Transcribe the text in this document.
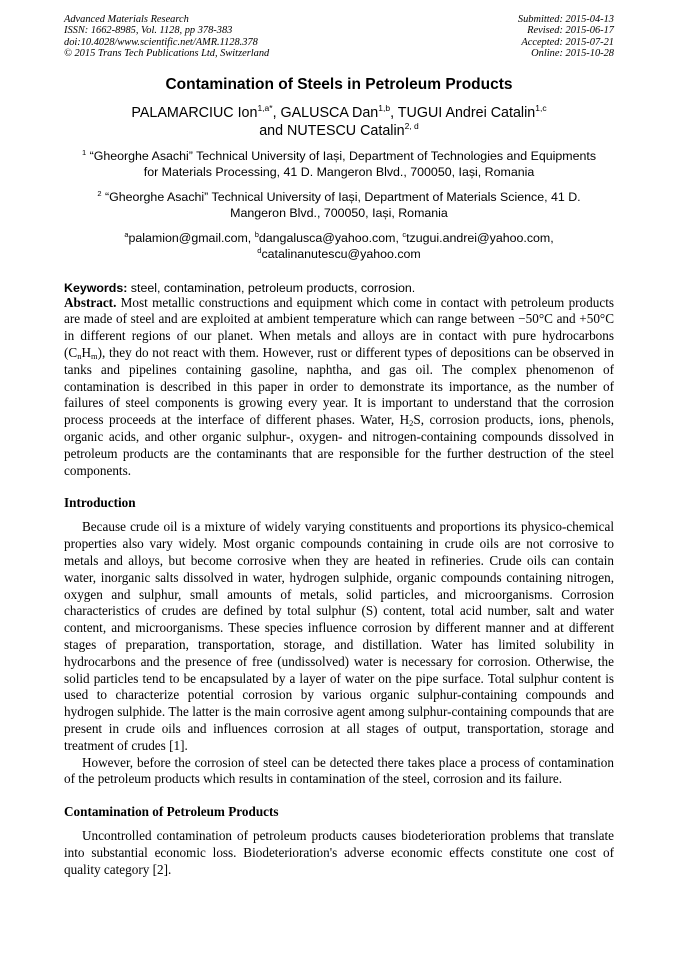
Advanced Materials Research
ISSN: 1662-8985, Vol. 1128, pp 378-383
doi:10.4028/www.scientific.net/AMR.1128.378
© 2015 Trans Tech Publications Ltd, Switzerland
Submitted: 2015-04-13
Revised: 2015-06-17
Accepted: 2015-07-21
Online: 2015-10-28
Contamination of Steels in Petroleum Products
PALAMARCIUC Ion$^{1,a*}$, GALUSCA Dan$^{1,b}$, TUGUI Andrei Catalin$^{1,c}$
and NUTESCU Catalin$^{2, d}$
$^1$ “Gheorghe Asachi” Technical University of Iași, Department of Technologies and Equipments for Materials Processing, 41 D. Mangeron Blvd., 700050, Iași, Romania
$^2$ “Gheorghe Asachi” Technical University of Iași, Department of Materials Science, 41 D. Mangeron Blvd., 700050, Iași, Romania
$^a$palamion@gmail.com, $^b$dangalusca@yahoo.com, $^c$tzugui.andrei@yahoo.com,
$^d$catalinanutescu@yahoo.com
Keywords: steel, contamination, petroleum products, corrosion.

Abstract. Most metallic constructions and equipment which come in contact with petroleum products are made of steel and are exploited at ambient temperature which can range between −50°C and +50°C in different regions of our planet. When metals and alloys are in contact with pure hydrocarbons $(C_nH_m)$, they do not react with them. However, rust or different types of depositions can be observed in tanks and pipelines containing gasoline, naphtha, and gas oil. The complex phenomenon of contamination is described in this paper in order to demonstrate its importance, as the number of failures of steel components is growing every year. It is important to understand that the corrosion process proceeds at the interface of different phases. Water, $H_2S$, corrosion products, ions, phenols, organic acids, and other organic sulphur-, oxygen- and nitrogen-containing compounds dissolved in petroleum products are the contaminants that are responsible for the further destruction of the steel components.

Introduction

Because crude oil is a mixture of widely varying constituents and proportions its physico-chemical properties also vary widely. Most organic compounds containing in crude oils are not corrosive to metals and alloys, but become corrosive when they are heated in refineries. Crude oils can contain water, inorganic salts dissolved in water, hydrogen sulphide, organic compounds containing nitrogen, oxygen and sulphur, small amounts of metals, solid particles, and microorganisms. Corrosion characteristics of crudes are defined by total sulphur (S) content, total acid number, salt and water content, and microorganisms. These species influence corrosion by different manner and at different stages of preparation, transportation, storage, and distillation. Water has limited solubility in hydrocarbons and the presence of free (undissolved) water is necessary for corrosion. Otherwise, the solid particles tend to be encapsulated by a layer of water on the pipe surface. Total sulphur content is used to characterize potential corrosion by various organic sulphur-containing compounds and hydrogen sulphide. The latter is the main corrosive agent among sulphur-containing compounds that are present in crude oils and influences corrosion at all stages of output, transportation, storage and treatment of crudes [1].

However, before the corrosion of steel can be detected there takes place a process of contamination of the petroleum products which results in contamination of the steel, corrosion and its failure.

Contamination of Petroleum Products

Uncontrolled contamination of petroleum products causes biodeterioration problems that translate into substantial economic loss. Biodeterioration's adverse economic effects constitute one cost of quality category [2].
